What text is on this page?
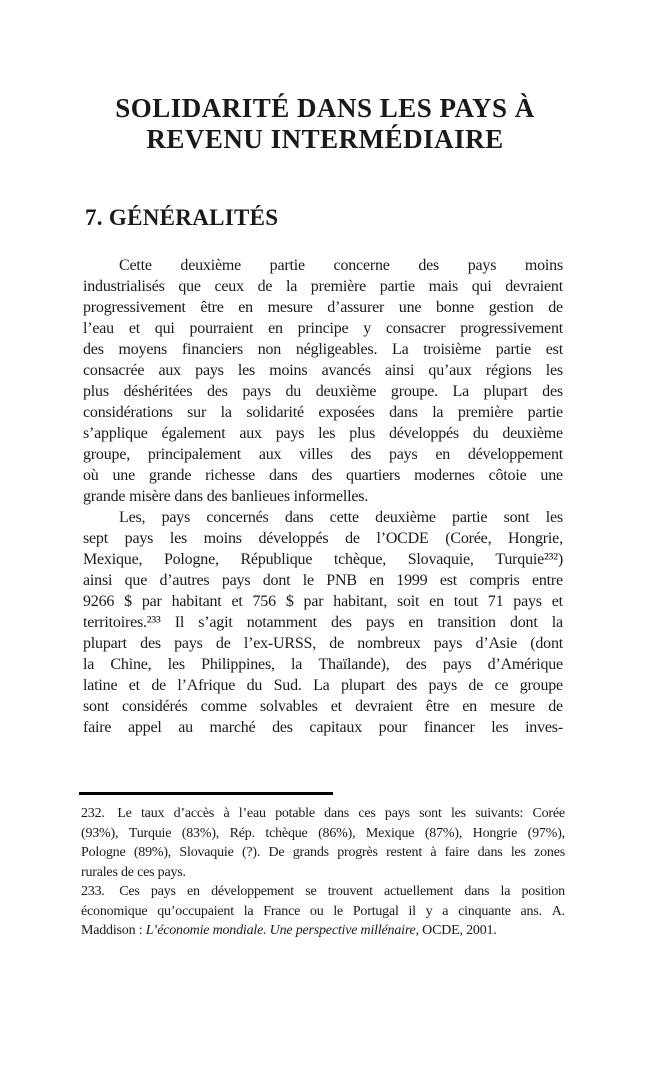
SOLIDARITÉ DANS LES PAYS À
REVENU INTERMÉDIAIRE
7. GÉNÉRALITÉS
Cette deuxième partie concerne des pays moins
industrialisés que ceux de la première partie mais qui devraient
progressivement être en mesure d’assurer une bonne gestion de
l’eau et qui pourraient en principe y consacrer progressivement
des moyens financiers non négligeables. La troisième partie est
consacrée aux pays les moins avancés ainsi qu’aux régions les
plus déshéritées des pays du deuxième groupe. La plupart des
considérations sur la solidarité exposées dans la première partie
s’applique également aux pays les plus développés du deuxième
groupe, principalement aux villes des pays en développement
où une grande richesse dans des quartiers modernes côtoie une
grande misère dans des banlieues informelles.
Les, pays concernés dans cette deuxième partie sont les
sept pays les moins développés de l’OCDE (Corée, Hongrie,
Mexique, Pologne, République tchèque, Slovaquie, Turquie²³²)
ainsi que d’autres pays dont le PNB en 1999 est compris entre
9266 $ par habitant et 756 $ par habitant, soit en tout 71 pays et
territoires.²³³ Il s’agit notamment des pays en transition dont la
plupart des pays de l’ex-URSS, de nombreux pays d’Asie (dont
la Chine, les Philippines, la Thaïlande), des pays d’Amérique
latine et de l’Afrique du Sud. La plupart des pays de ce groupe
sont considérés comme solvables et devraient être en mesure de
faire appel au marché des capitaux pour financer les inves-
232. Le taux d’accès à l’eau potable dans ces pays sont les suivants: Corée
(93%), Turquie (83%), Rép. tchèque (86%), Mexique (87%), Hongrie (97%),
Pologne (89%), Slovaquie (?). De grands progrès restent à faire dans les zones
rurales de ces pays.
233. Ces pays en développement se trouvent actuellement dans la position
économique qu’occupaient la France ou le Portugal il y a cinquante ans. A.
Maddison : L’économie mondiale. Une perspective millénaire, OCDE, 2001.
